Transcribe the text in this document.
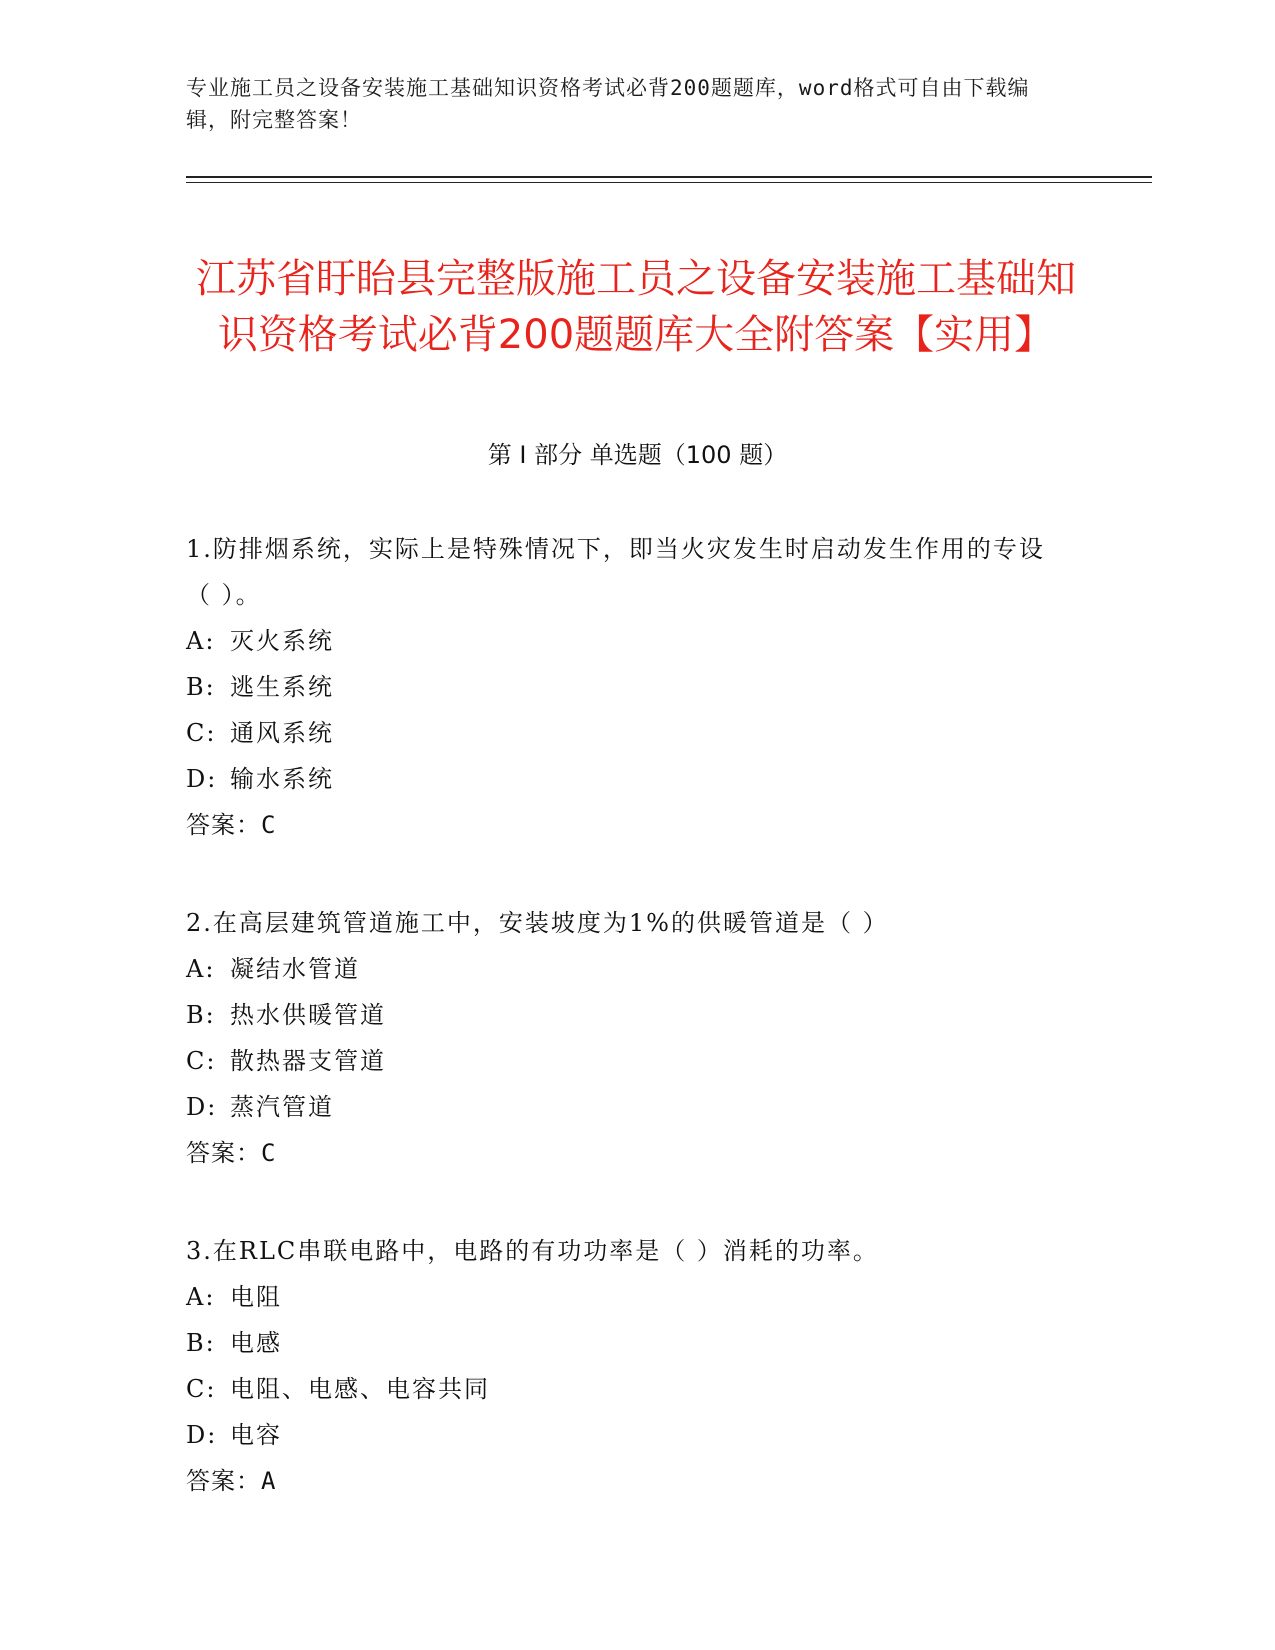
专业施工员之设备安装施工基础知识资格考试必背200题题库，word格式可自由下载编辑，附完整答案！
江苏省盱眙县完整版施工员之设备安装施工基础知识资格考试必背200题题库大全附答案【实用】
第 I 部分 单选题（100 题）

1.防排烟系统，实际上是特殊情况下，即当火灾发生时启动发生作用的专设（ ）。

A: 灭火系统
B: 逃生系统
C: 通风系统
D: 输水系统
答案：C

2.在高层建筑管道施工中，安装坡度为1%的供暖管道是（ ）

A: 凝结水管道
B: 热水供暖管道
C: 散热器支管道
D: 蒸汽管道
答案：C

3.在RLC串联电路中，电路的有功功率是（ ）消耗的功率。

A: 电阻
B: 电感
C: 电阻、电感、电容共同
D: 电容
答案：A
